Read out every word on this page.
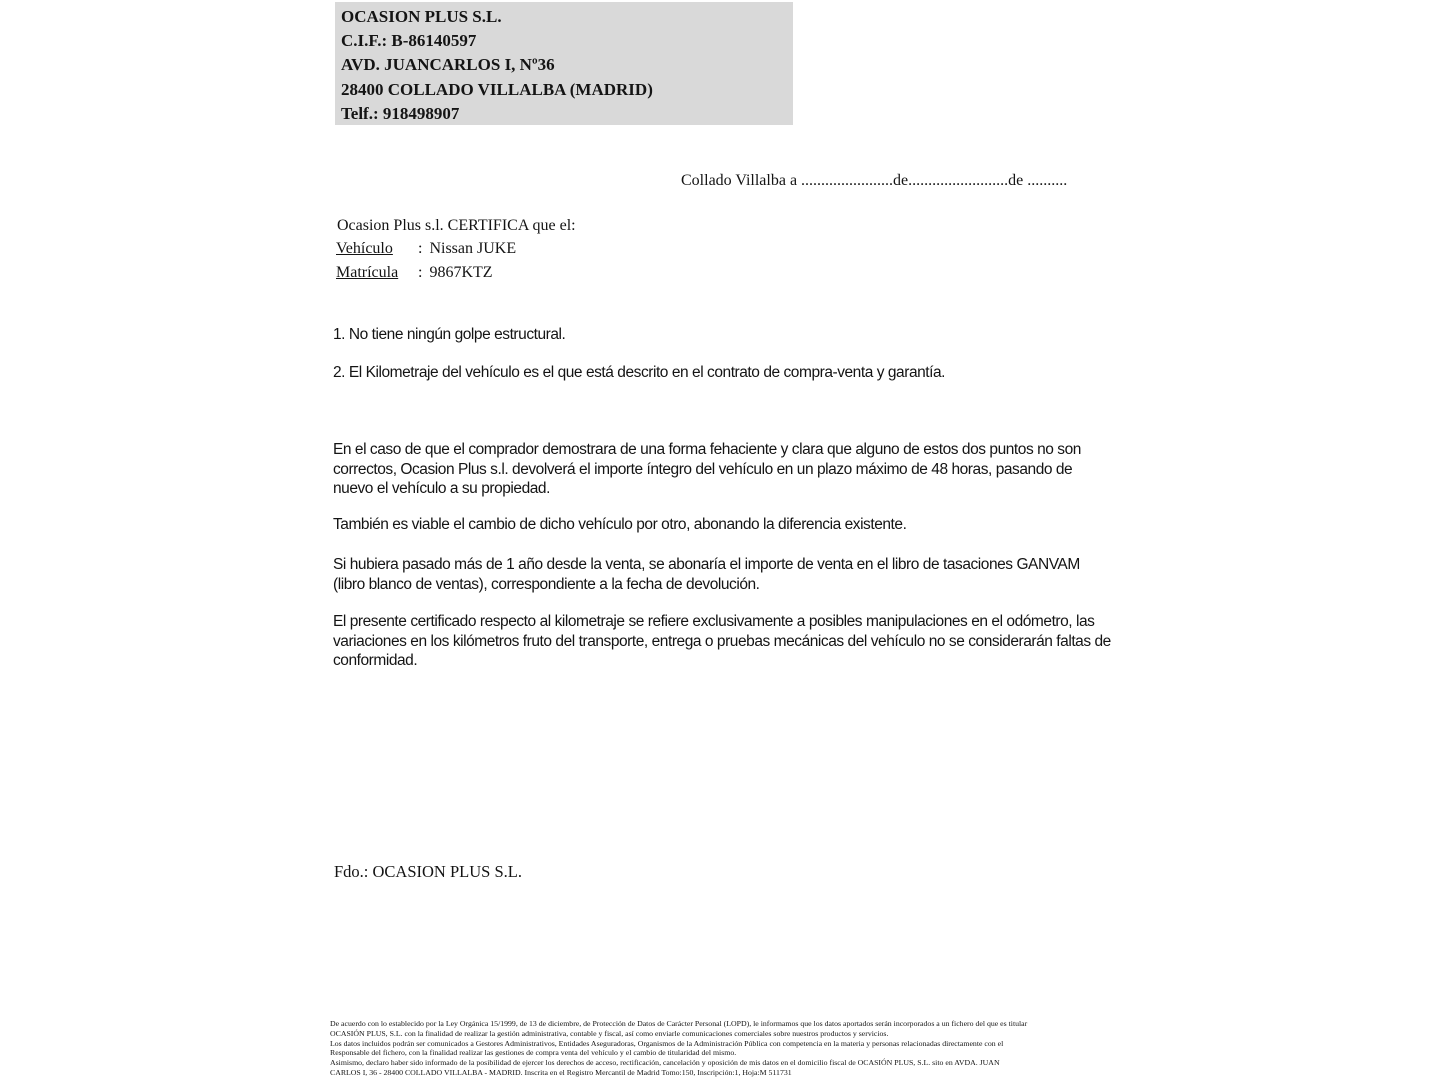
OCASION PLUS S.L.
C.I.F.: B-86140597
AVD. JUANCARLOS I, Nº36
28400 COLLADO VILLALBA (MADRID)
Telf.: 918498907
Collado Villalba a .......................de.........................de ..........
Ocasion Plus s.l. CERTIFICA que el:
Vehículo : Nissan JUKE
Matrícula : 9867KTZ
1. No tiene ningún golpe estructural.
2. El Kilometraje del vehículo es el que está descrito en el contrato de compra-venta y garantía.
En el caso de que el comprador demostrara de una forma fehaciente y clara que alguno de estos dos puntos no son correctos, Ocasion Plus s.l. devolverá el importe íntegro del vehículo en un plazo máximo de 48 horas, pasando de nuevo el vehículo a su propiedad.
También es viable el cambio de dicho vehículo por otro, abonando la diferencia existente.
Si hubiera pasado más de 1 año desde la venta, se abonaría el importe de venta en el libro de tasaciones GANVAM (libro blanco de ventas), correspondiente a la fecha de devolución.
El presente certificado respecto al kilometraje se refiere exclusivamente a posibles manipulaciones en el odómetro, las variaciones en los kilómetros fruto del transporte, entrega o pruebas mecánicas del vehículo no se considerarán faltas de conformidad.
Fdo.: OCASION PLUS S.L.
De acuerdo con lo establecido por la Ley Orgánica 15/1999, de 13 de diciembre, de Protección de Datos de Carácter Personal (LOPD), le informamos que los datos aportados serán incorporados a un fichero del que es titular
OCASIÓN PLUS, S.L. con la finalidad de realizar la gestión administrativa, contable y fiscal, así como enviarle comunicaciones comerciales sobre nuestros productos y servicios.
Los datos incluidos podrán ser comunicados a Gestores Administrativos, Entidades Aseguradoras, Organismos de la Administración Pública con competencia en la materia y personas relacionadas directamente con el
Responsable del fichero, con la finalidad realizar las gestiones de compra venta del vehículo y el cambio de titularidad del mismo.
Asimismo, declaro haber sido informado de la posibilidad de ejercer los derechos de acceso, rectificación, cancelación y oposición de mis datos en el domicilio fiscal de OCASIÓN PLUS, S.L. sito en AVDA. JUAN
CARLOS I, 36 - 28400 COLLADO VILLALBA - MADRID. Inscrita en el Registro Mercantil de Madrid Tomo:150, Inscripción:1, Hoja:M 511731
